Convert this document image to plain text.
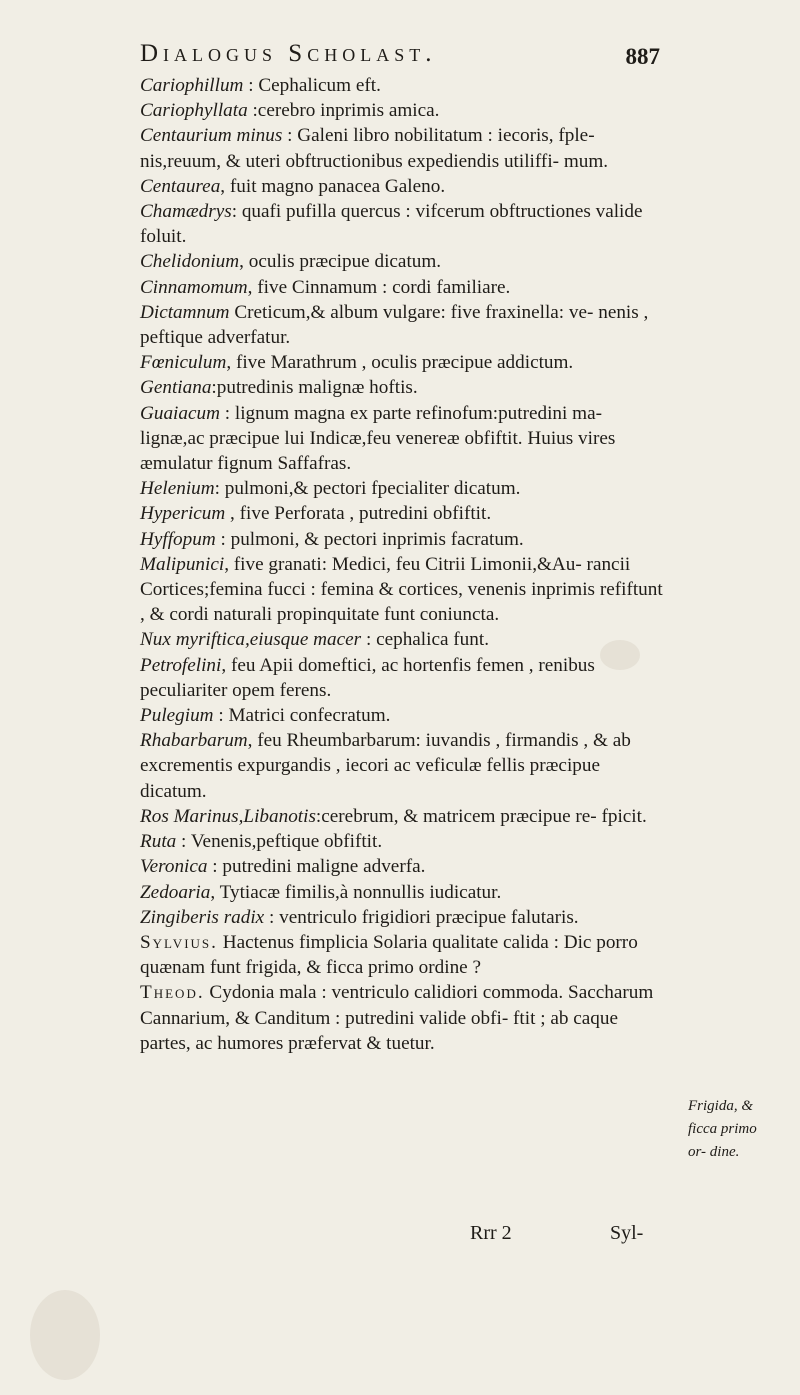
Dialogus Scholast.	887

Cariophillum : Cephalicum eft.

Cariophyllata :cerebro inprimis amica.

Centaurium minus : Galeni libro nobilitatum : iecoris, fple- nis,reuum, & uteri obftructionibus expediendis utiliffi- mum.

Centaurea, fuit magno panacea Galeno.

Chamædrys: quafi pufilla quercus : vifcerum obftructiones valide foluit.

Chelidonium, oculis præcipue dicatum.

Cinnamomum, five Cinnamum : cordi familiare.

Dictamnum Creticum,& album vulgare: five fraxinella: ve- nenis , peftique adverfatur.

Fœniculum, five Marathrum , oculis præcipue addictum.

Gentiana:putredinis malignæ hoftis.

Guaiacum : lignum magna ex parte refinofum:putredini ma- lignæ,ac præcipue lui Indicæ,feu venereæ obfiftit. Huius vires æmulatur fignum Saffafras.

Helenium: pulmoni,& pectori fpecialiter dicatum.

Hypericum , five Perforata , putredini obfiftit.

Hyffopum : pulmoni, & pectori inprimis facratum.

Malipunici, five granati: Medici, feu Citrii Limonii,&Au- rancii Cortices;femina fucci : femina & cortices, venenis inprimis refiftunt , & cordi naturali propinquitate funt coniuncta.

Nux myriftica,eiusque macer : cephalica funt.

Petrofelini, feu Apii domeftici, ac hortenfis femen , renibus peculiariter opem ferens.

Pulegium : Matrici confecratum.

Rhabarbarum, feu Rheumbarbarum: iuvandis , firmandis , & ab excrementis expurgandis , iecori ac veficulæ fellis præcipue dicatum.

Ros Marinus,Libanotis:cerebrum, & matricem præcipue re- fpicit.

Ruta : Venenis,peftique obfiftit.

Veronica : putredini maligne adverfa.

Zedoaria, Tytiacæ fimilis,à nonnullis iudicatur.

Zingiberis radix : ventriculo frigidiori præcipue falutaris.

Sylvius. Hactenus fimplicia Solaria qualitate calida : Dic porro quænam funt frigida, & ficca primo ordine ?

Theod. Cydonia mala : ventriculo calidiori commoda. Saccharum Cannarium, & Canditum : putredini valide obfi- ftit ; ab caque partes, ac humores præfervat & tuetur.

Frigida, & ficca primo or- dine.
Rrr 2	Syl-
